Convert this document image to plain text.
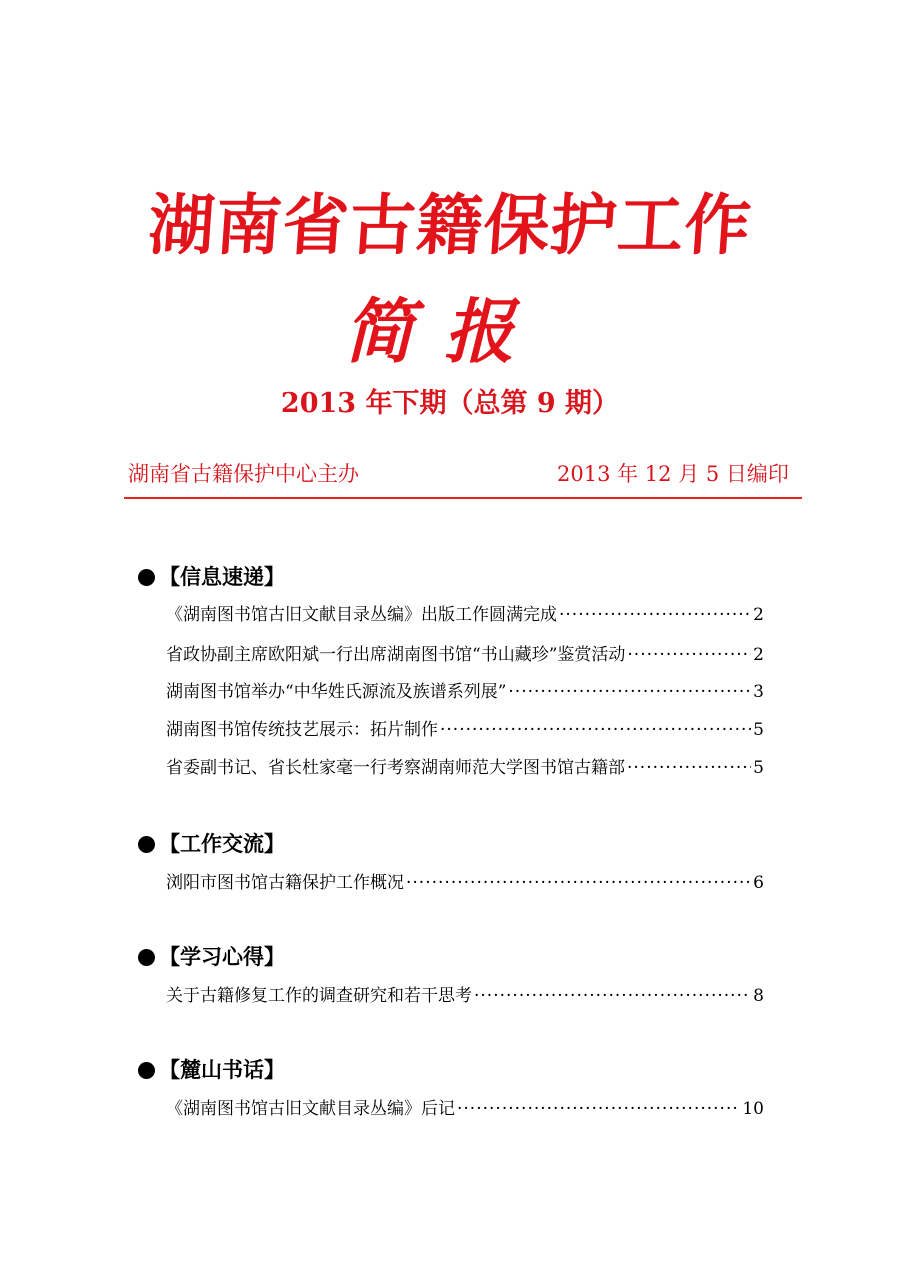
湖南省古籍保护工作
简报
2013 年下期（总第 9 期）
湖南省古籍保护中心主办	2013 年 12 月 5 日编印
【信息速递】
《湖南图书馆古旧文献目录丛编》出版工作圆满完成 ·····	2
省政协副主席欧阳斌一行出席湖南图书馆“书山藏珍”鉴赏活动 ·····	2
湖南图书馆举办“中华姓氏源流及族谱系列展” ·····	3
湖南图书馆传统技艺展示：拓片制作 ·····	5
省委副书记、省长杜家毫一行考察湖南师范大学图书馆古籍部 ·····	5
【工作交流】
浏阳市图书馆古籍保护工作概况 ·····	6
【学习心得】
关于古籍修复工作的调查研究和若干思考 ·····	8
【麓山书话】
《湖南图书馆古旧文献目录丛编》后记 ·····	10
